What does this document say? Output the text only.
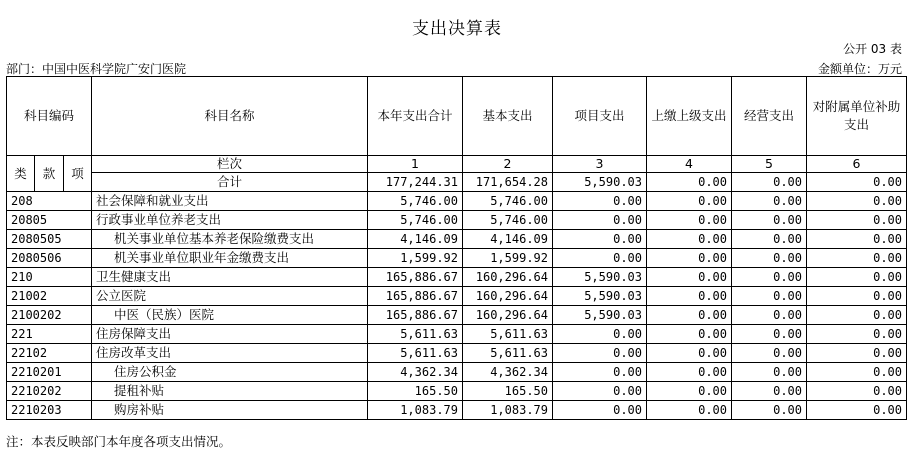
支出决算表
公开 03 表
部门：中国中医科学院广安门医院	金额单位：万元
科目编码			科目名称	本年支出合计	基本支出	项目支出	上缴上级支出	经营支出	对附属单位补助支出
类	款	项	栏次	1	2	3	4	5	6
			合计	177,244.31	171,654.28	5,590.03	0.00	0.00	0.00
208			社会保障和就业支出	5,746.00	5,746.00	0.00	0.00	0.00	0.00
20805			行政事业单位养老支出	5,746.00	5,746.00	0.00	0.00	0.00	0.00
2080505			机关事业单位基本养老保险缴费支出	4,146.09	4,146.09	0.00	0.00	0.00	0.00
2080506			机关事业单位职业年金缴费支出	1,599.92	1,599.92	0.00	0.00	0.00	0.00
210			卫生健康支出	165,886.67	160,296.64	5,590.03	0.00	0.00	0.00
21002			公立医院	165,886.67	160,296.64	5,590.03	0.00	0.00	0.00
2100202			中医（民族）医院	165,886.67	160,296.64	5,590.03	0.00	0.00	0.00
221			住房保障支出	5,611.63	5,611.63	0.00	0.00	0.00	0.00
22102			住房改革支出	5,611.63	5,611.63	0.00	0.00	0.00	0.00
2210201			住房公积金	4,362.34	4,362.34	0.00	0.00	0.00	0.00
2210202			提租补贴	165.50	165.50	0.00	0.00	0.00	0.00
2210203			购房补贴	1,083.79	1,083.79	0.00	0.00	0.00	0.00
注：本表反映部门本年度各项支出情况。
